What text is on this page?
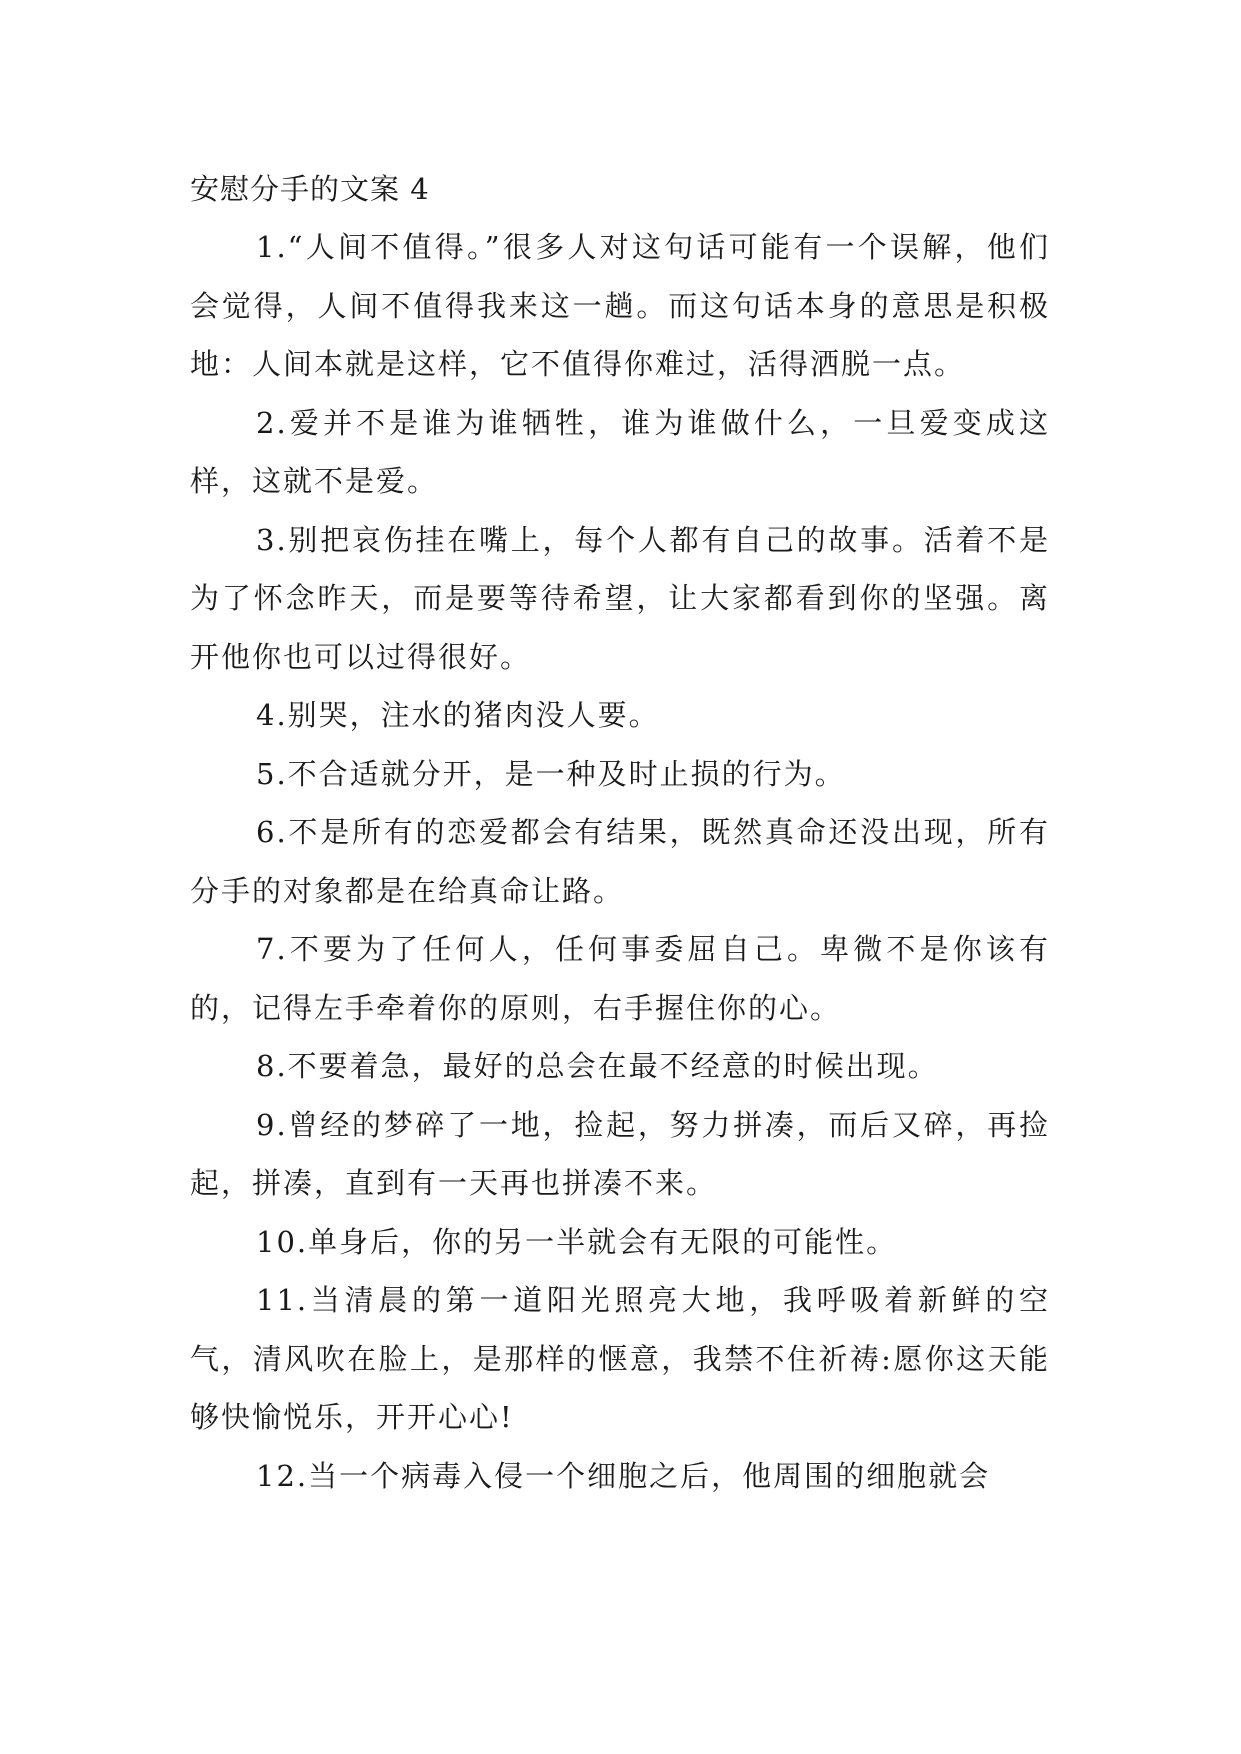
安慰分手的文案 4

1.“人间不值得。”很多人对这句话可能有一个误解，他们会觉得，人间不值得我来这一趟。而这句话本身的意思是积极地：人间本就是这样，它不值得你难过，活得洒脱一点。

2.爱并不是谁为谁牺牲，谁为谁做什么，一旦爱变成这样，这就不是爱。

3.别把哀伤挂在嘴上，每个人都有自己的故事。活着不是为了怀念昨天，而是要等待希望，让大家都看到你的坚强。离开他你也可以过得很好。

4.别哭，注水的猪肉没人要。

5.不合适就分开，是一种及时止损的行为。

6.不是所有的恋爱都会有结果，既然真命还没出现，所有分手的对象都是在给真命让路。

7.不要为了任何人，任何事委屈自己。卑微不是你该有的，记得左手牵着你的原则，右手握住你的心。

8.不要着急，最好的总会在最不经意的时候出现。

9.曾经的梦碎了一地，捡起，努力拼凑，而后又碎，再捡起，拼凑，直到有一天再也拼凑不来。

10.单身后，你的另一半就会有无限的可能性。

11.当清晨的第一道阳光照亮大地，我呼吸着新鲜的空气，清风吹在脸上，是那样的惬意，我禁不住祈祷:愿你这天能够快愉悦乐，开开心心!

12.当一个病毒入侵一个细胞之后，他周围的细胞就会
